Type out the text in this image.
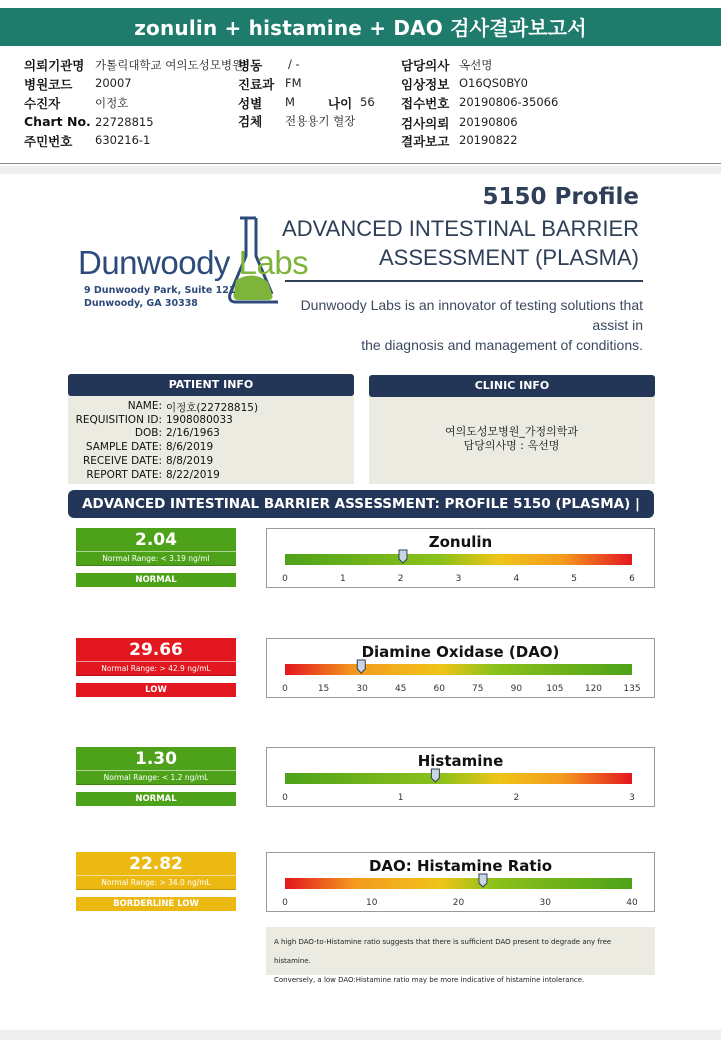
zonulin + histamine + DAO 검사결과보고서
의뢰기관명 가톨릭대학교 여의도성모병원
병동 / -	담당의사 옥선명
병원코드 20007	진료과 FM	임상정보 O16QS0BY0
수진자	이정호	성별 M	나이 56 접수번호 20190806-35066
Chart No. 22728815	검체 전용용기 혈장	검사의뢰 20190806
주민번호 630216-1	결과보고 20190822
Dunwoody Labs
9 Dunwoody Park, Suite 121
Dunwoody, GA 30338
5150 Profile
ADVANCED INTESTINAL BARRIER
ASSESSMENT (PLASMA)
Dunwoody Labs is an innovator of testing solutions that assist in
the diagnosis and management of conditions.
PATIENT INFO
NAME: 이정호(22728815)
REQUISITION ID: 1908080033
DOB: 2/16/1963
SAMPLE DATE: 8/6/2019
RECEIVE DATE: 8/8/2019
REPORT DATE: 8/22/2019
CLINIC INFO
여의도성모병원_가정의학과
담당의사명 : 옥선명
ADVANCED INTESTINAL BARRIER ASSESSMENT: PROFILE 5150 (PLASMA) |
2.04
Normal Range: < 3.19 ng/ml
NORMAL	0	1	2	3	4	5	6
Zonulin
29.66
Normal Range: > 42.9 ng/mL
LOW	0	15	30	45	60	75	90	105 120 135
Diamine Oxidase (DAO)
1.30
Normal Range: < 1.2 ng/mL
NORMAL	0	1	2	3
Histamine
22.82
Normal Range: > 34.0 ng/mL
BORDERLINE LOW	0	10	20	30	40
DAO: Histamine Ratio
A high DAO-to-Histamine ratio suggests that there is sufficient DAO present to degrade any free histamine.
Conversely, a low DAO:Histamine ratio may be more indicative of histamine intolerance.
